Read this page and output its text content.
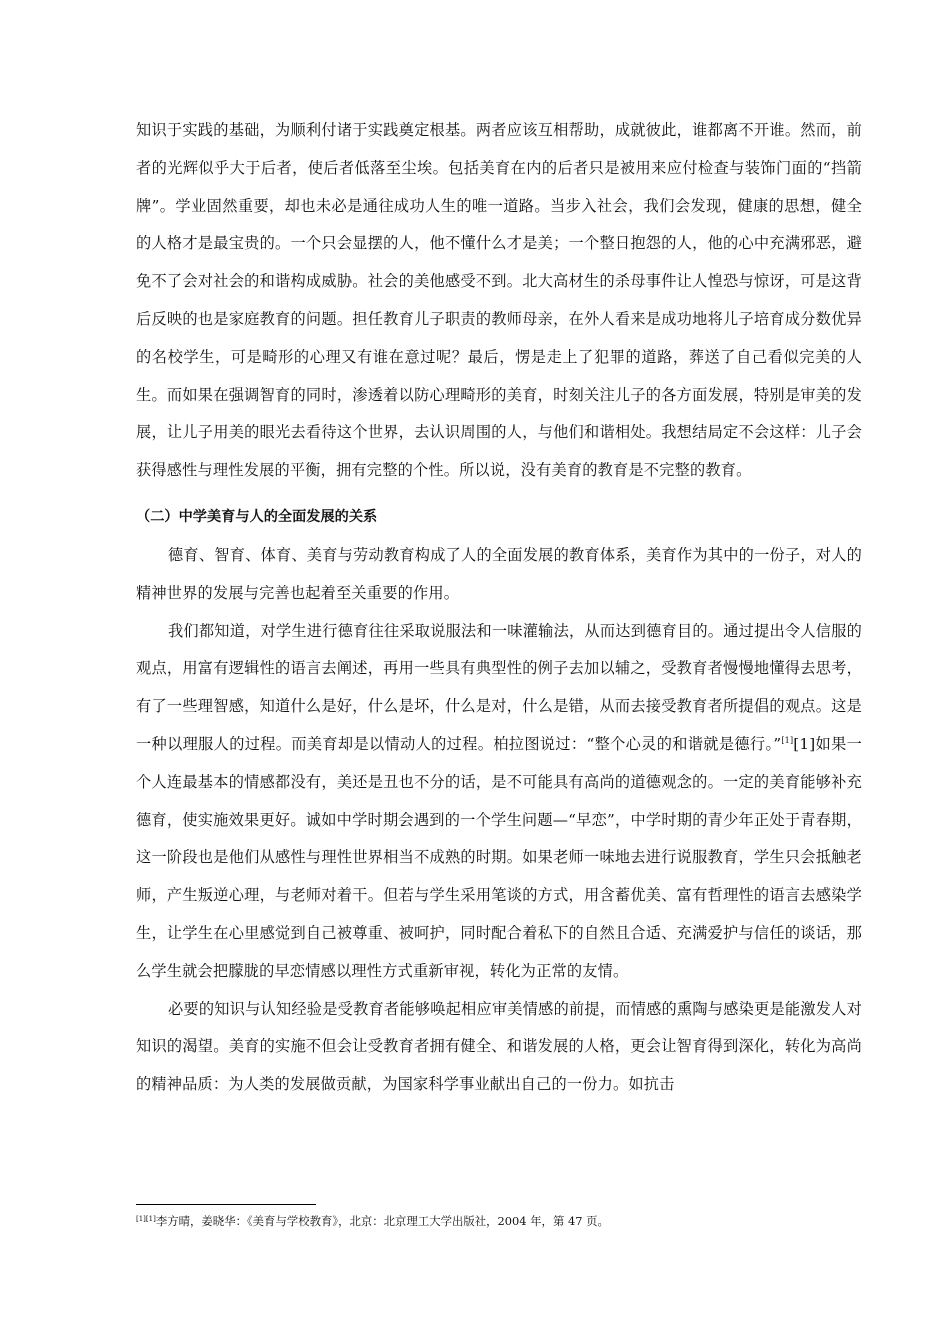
知识于实践的基础，为顺利付诸于实践奠定根基。两者应该互相帮助，成就彼此，谁都离不开谁。然而，前者的光辉似乎大于后者，使后者低落至尘埃。包括美育在内的后者只是被用来应付检查与装饰门面的“挡箭牌”。学业固然重要，却也未必是通往成功人生的唯一道路。当步入社会，我们会发现，健康的思想，健全的人格才是最宝贵的。一个只会显摆的人，他不懂什么才是美；一个整日抱怨的人，他的心中充满邪恶，避免不了会对社会的和谐构成威胁。社会的美他感受不到。北大高材生的杀母事件让人惶恐与惊讶，可是这背后反映的也是家庭教育的问题。担任教育儿子职责的教师母亲，在外人看来是成功地将儿子培育成分数优异的名校学生，可是畸形的心理又有谁在意过呢？最后，愣是走上了犯罪的道路，葬送了自己看似完美的人生。而如果在强调智育的同时，渗透着以防心理畸形的美育，时刻关注儿子的各方面发展，特别是审美的发展，让儿子用美的眼光去看待这个世界，去认识周围的人，与他们和谐相处。我想结局定不会这样：儿子会获得感性与理性发展的平衡，拥有完整的个性。所以说，没有美育的教育是不完整的教育。

（二）中学美育与人的全面发展的关系

德育、智育、体育、美育与劳动教育构成了人的全面发展的教育体系，美育作为其中的一份子，对人的精神世界的发展与完善也起着至关重要的作用。

我们都知道，对学生进行德育往往采取说服法和一味灌输法，从而达到德育目的。通过提出令人信服的观点，用富有逻辑性的语言去阐述，再用一些具有典型性的例子去加以辅之，受教育者慢慢地懂得去思考，有了一些理智感，知道什么是好，什么是坏，什么是对，什么是错，从而去接受教育者所提倡的观点。这是一种以理服人的过程。而美育却是以情动人的过程。柏拉图说过：“整个心灵的和谐就是德行。”[1][1]如果一个人连最基本的情感都没有，美还是丑也不分的话，是不可能具有高尚的道德观念的。一定的美育能够补充德育，使实施效果更好。诚如中学时期会遇到的一个学生问题—“早恋”，中学时期的青少年正处于青春期，这一阶段也是他们从感性与理性世界相当不成熟的时期。如果老师一味地去进行说服教育，学生只会抵触老师，产生叛逆心理，与老师对着干。但若与学生采用笔谈的方式，用含蓄优美、富有哲理性的语言去感染学生，让学生在心里感觉到自己被尊重、被呵护，同时配合着私下的自然且合适、充满爱护与信任的谈话，那么学生就会把朦胧的早恋情感以理性方式重新审视，转化为正常的友情。

必要的知识与认知经验是受教育者能够唤起相应审美情感的前提，而情感的熏陶与感染更是能激发人对知识的渴望。美育的实施不但会让受教育者拥有健全、和谐发展的人格，更会让智育得到深化，转化为高尚的精神品质：为人类的发展做贡献，为国家科学事业献出自己的一份力。如抗击

[1][1]李方晴，姜晓华：《美育与学校教育》，北京：北京理工大学出版社，2004 年，第 47 页。
